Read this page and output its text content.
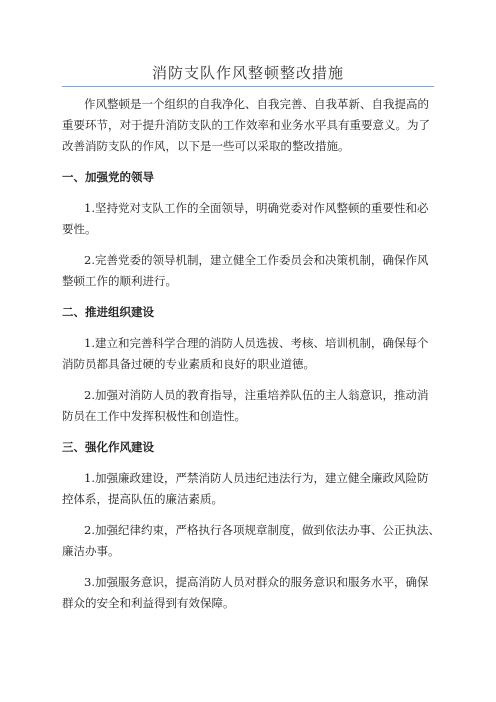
消防支队作风整顿整改措施
作风整顿是一个组织的自我净化、自我完善、自我革新、自我提高的
重要环节，对于提升消防支队的工作效率和业务水平具有重要意义。为了
改善消防支队的作风，以下是一些可以采取的整改措施。
一、加强党的领导
1.坚持党对支队工作的全面领导，明确党委对作风整顿的重要性和必
要性。
2.完善党委的领导机制，建立健全工作委员会和决策机制，确保作风
整顿工作的顺利进行。
二、推进组织建设
1.建立和完善科学合理的消防人员选拔、考核、培训机制，确保每个
消防员都具备过硬的专业素质和良好的职业道德。
2.加强对消防人员的教育指导，注重培养队伍的主人翁意识，推动消
防员在工作中发挥积极性和创造性。
三、强化作风建设
1.加强廉政建设，严禁消防人员违纪违法行为，建立健全廉政风险防
控体系，提高队伍的廉洁素质。
2.加强纪律约束，严格执行各项规章制度，做到依法办事、公正执法、
廉洁办事。
3.加强服务意识，提高消防人员对群众的服务意识和服务水平，确保
群众的安全和利益得到有效保障。
